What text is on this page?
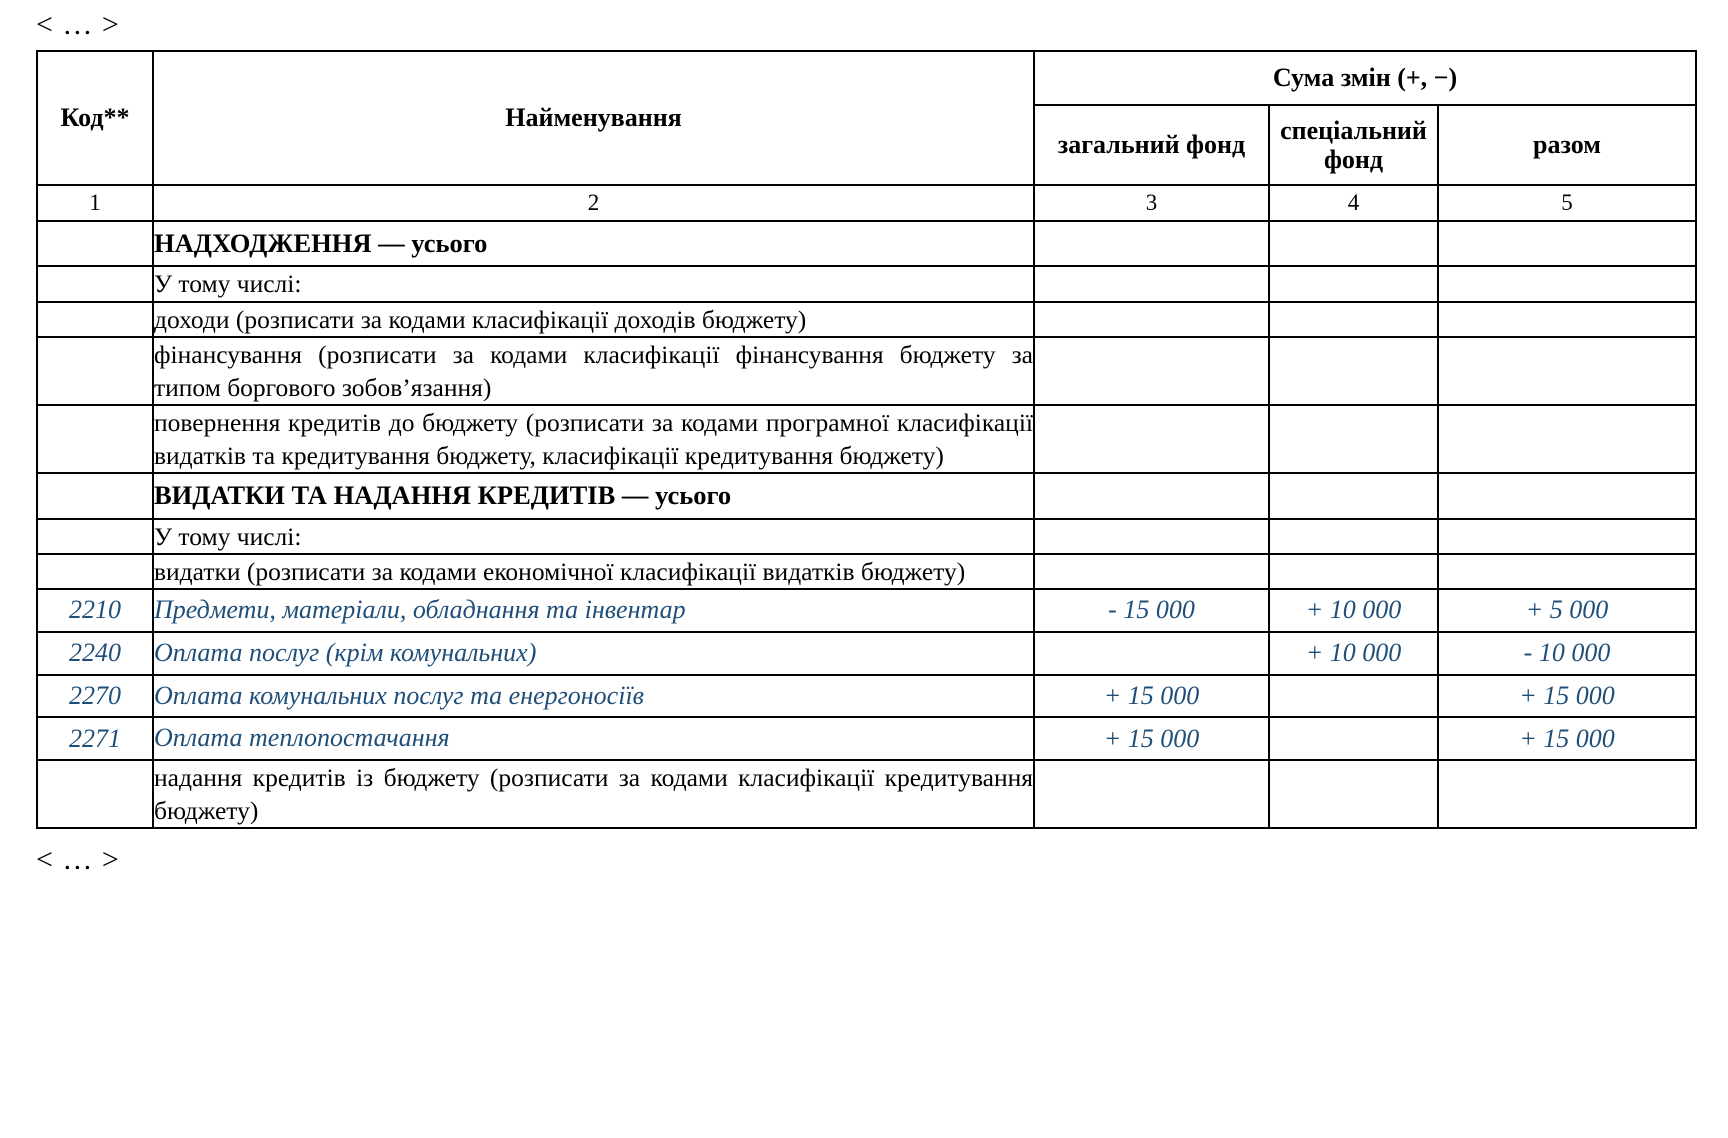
< … >
Код**	Найменування	Сума змін (+, −)		
		загальний фонд	спеціальний фонд	разом
1	2	3	4	5
	НАДХОДЖЕННЯ — усього			
	У тому числі:			
	доходи (розписати за кодами класифікації доходів бюджету)			
	фінансування (розписати за кодами класифікації фінансування бюджету за типом боргового зобов’язання)			
	повернення кредитів до бюджету (розписати за кодами програмної класифікації видатків та кредитування бюджету, класифікації кредитування бюджету)			
	ВИДАТКИ ТА НАДАННЯ КРЕДИТІВ — усього			
	У тому числі:			
	видатки (розписати за кодами економічної класифікації видатків бюджету)			
2210	Предмети, матеріали, обладнання та інвентар	- 15 000	+ 10 000	+ 5 000
2240	Оплата послуг (крім комунальних)		+ 10 000	- 10 000
2270	Оплата комунальних послуг та енергоносіїв	+ 15 000		+ 15 000
2271	Оплата теплопостачання	+ 15 000		+ 15 000
	надання кредитів із бюджету (розписати за кодами класифікації кредитування бюджету)			
< … >
